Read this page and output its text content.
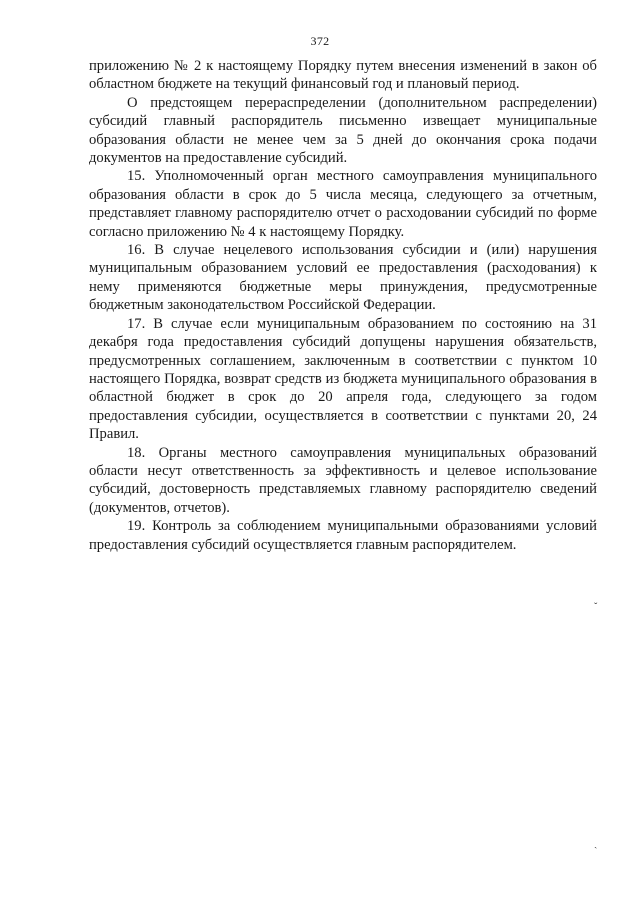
372

приложению № 2 к настоящему Порядку путем внесения изменений в закон об областном бюджете на текущий финансовый год и плановый период.

О предстоящем перераспределении (дополнительном распределении) субсидий главный распорядитель письменно извещает муниципальные образования области не менее чем за 5 дней до окончания срока подачи документов на предоставление субсидий.

15. Уполномоченный орган местного самоуправления муниципального образования области в срок до 5 числа месяца, следующего за отчетным, представляет главному распорядителю отчет о расходовании субсидий по форме согласно приложению № 4 к настоящему Порядку.

16. В случае нецелевого использования субсидии и (или) нарушения муниципальным образованием условий ее предоставления (расходования) к нему применяются бюджетные меры принуждения, предусмотренные бюджетным законодательством Российской Федерации.

17. В случае если муниципальным образованием по состоянию на 31 декабря года предоставления субсидий допущены нарушения обязательств, предусмотренных соглашением, заключенным в соответствии с пунктом 10 настоящего Порядка, возврат средств из бюджета муниципального образования в областной бюджет в срок до 20 апреля года, следующего за годом предоставления субсидии, осуществляется в соответствии с пунктами 20, 24 Правил.

18. Органы местного самоуправления муниципальных образований области несут ответственность за эффективность и целевое использование субсидий, достоверность представляемых главному распорядителю сведений (документов, отчетов).

19. Контроль за соблюдением муниципальными образованиями условий предоставления субсидий осуществляется главным распорядителем.

ˇ
ˏ
